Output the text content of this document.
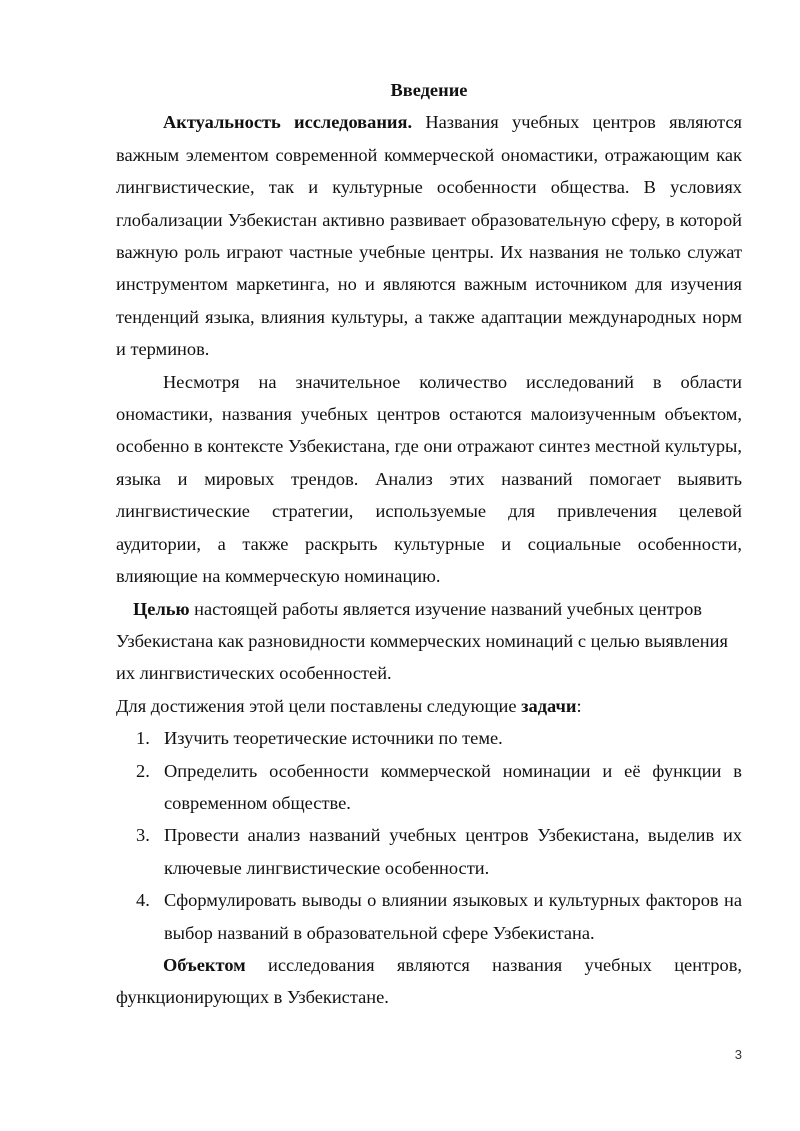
Введение

Актуальность исследования. Названия учебных центров являются важным элементом современной коммерческой ономастики, отражающим как лингвистические, так и культурные особенности общества. В условиях глобализации Узбекистан активно развивает образовательную сферу, в которой важную роль играют частные учебные центры. Их названия не только служат инструментом маркетинга, но и являются важным источником для изучения тенденций языка, влияния культуры, а также адаптации международных норм и терминов.

Несмотря на значительное количество исследований в области ономастики, названия учебных центров остаются малоизученным объектом, особенно в контексте Узбекистана, где они отражают синтез местной культуры, языка и мировых трендов. Анализ этих названий помогает выявить лингвистические стратегии, используемые для привлечения целевой аудитории, а также раскрыть культурные и социальные особенности, влияющие на коммерческую номинацию.

Целью настоящей работы является изучение названий учебных центров Узбекистана как разновидности коммерческих номинаций с целью выявления их лингвистических особенностей.

Для достижения этой цели поставлены следующие задачи:

1. Изучить теоретические источники по теме.
2. Определить особенности коммерческой номинации и её функции в современном обществе.
3. Провести анализ названий учебных центров Узбекистана, выделив их ключевые лингвистические особенности.
4. Сформулировать выводы о влиянии языковых и культурных факторов на выбор названий в образовательной сфере Узбекистана.

Объектом исследования являются названия учебных центров, функционирующих в Узбекистане.

3
